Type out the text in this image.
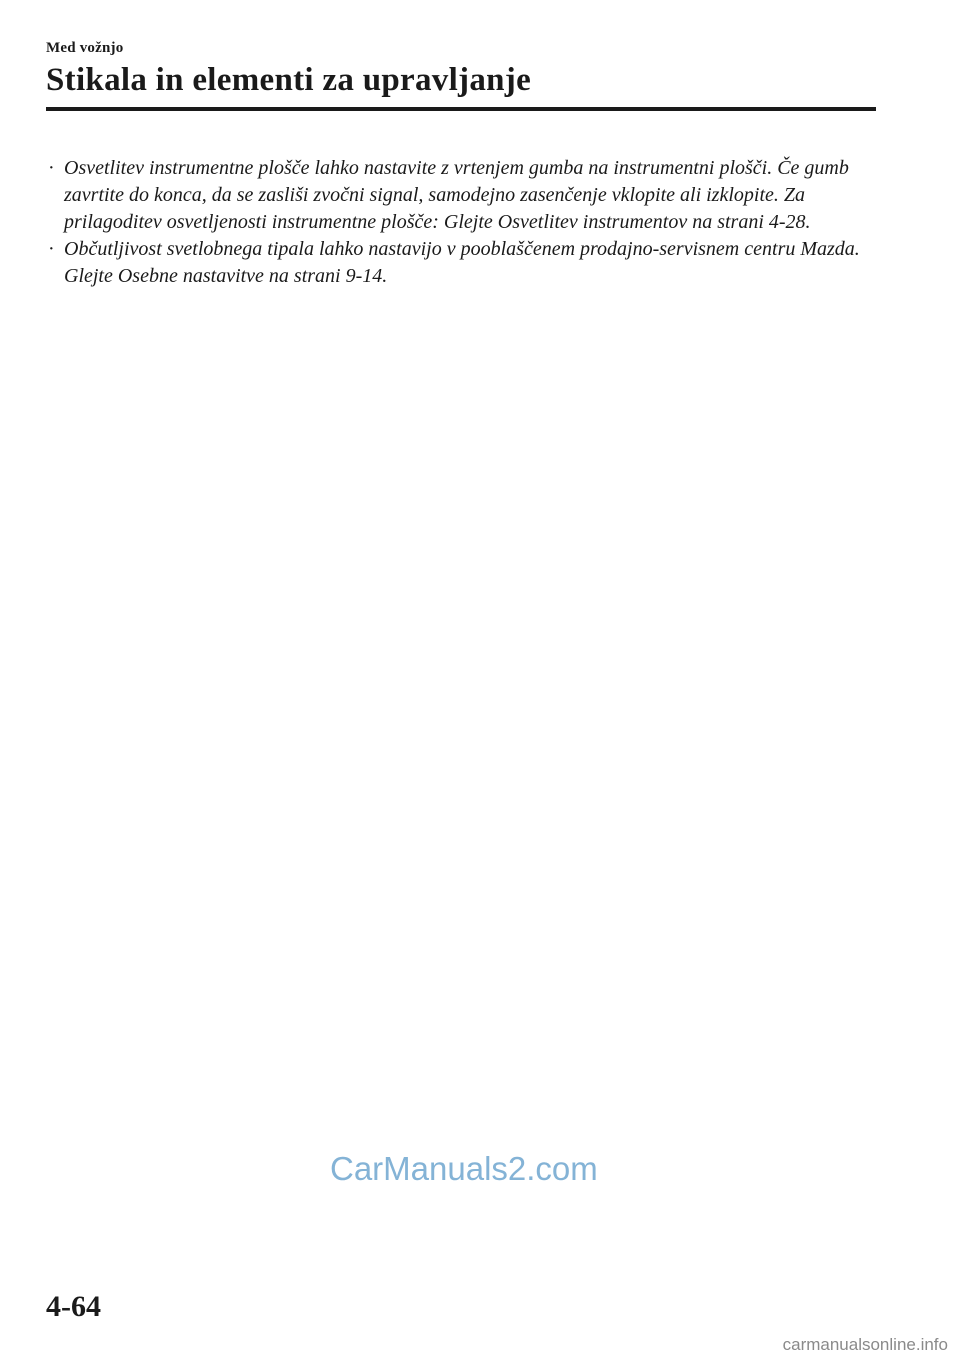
Med vožnjo
Stikala in elementi za upravljanje
· Osvetlitev instrumentne plošče lahko nastavite z vrtenjem gumba na instrumentni plošči. Če gumb zavrtite do konca, da se zasliši zvočni signal, samodejno zasenčenje vklopite ali izklopite. Za prilagoditev osvetljenosti instrumentne plošče: Glejte Osvetlitev instrumentov na strani 4-28.
· Občutljivost svetlobnega tipala lahko nastavijo v pooblaščenem prodajno-servisnem centru Mazda. Glejte Osebne nastavitve na strani 9-14.
CarManuals2.com
4-64
carmanualsonline.info
